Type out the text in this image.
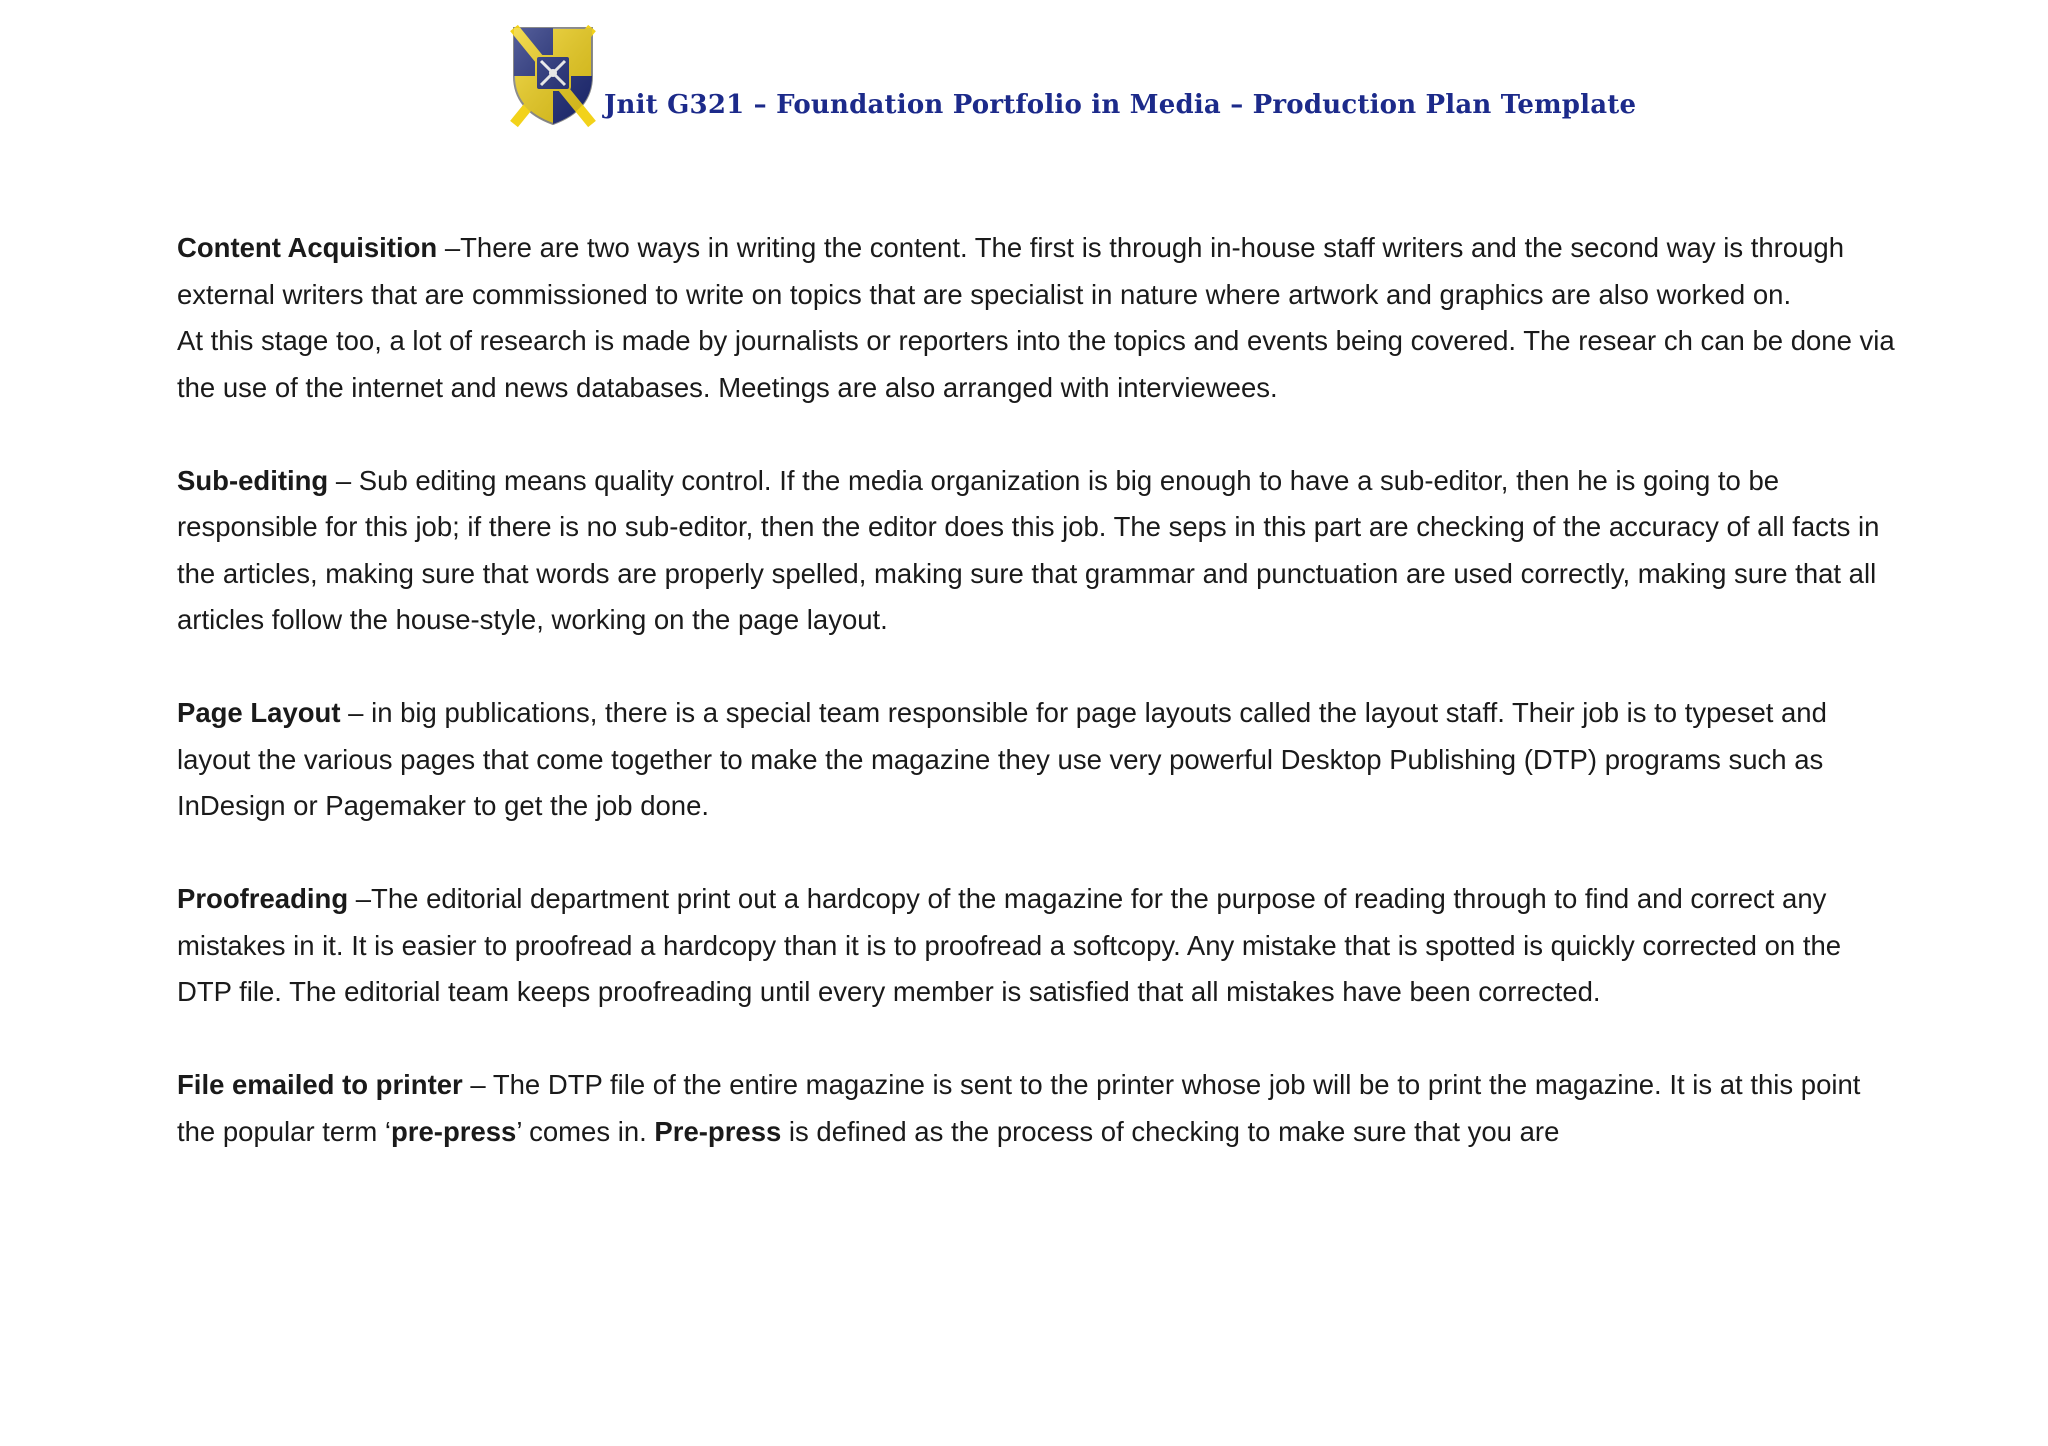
Jnit G321 – Foundation Portfolio in Media – Production Plan Template

Content Acquisition –There are two ways in writing the content. The first is through in-house staff writers and the second way is through external writers that are commissioned to write on topics that are specialist in nature where artwork and graphics are also worked on.

At this stage too, a lot of research is made by journalists or reporters into the topics and events being covered. The resear ch can be done via the use of the internet and news databases. Meetings are also arranged with interviewees.

Sub-editing – Sub editing means quality control. If the media organization is big enough to have a sub-editor, then he is going to be responsible for this job; if there is no sub-editor, then the editor does this job. The seps in this part are checking of the accuracy of all facts in the articles, making sure that words are properly spelled, making sure that grammar and punctuation are used correctly, making sure that all articles follow the house-style, working on the page layout.

Page Layout – in big publications, there is a special team responsible for page layouts called the layout staff. Their job is to typeset and layout the various pages that come together to make the magazine they use very powerful Desktop Publishing (DTP) programs such as InDesign or Pagemaker to get the job done.

Proofreading –The editorial department print out a hardcopy of the magazine for the purpose of reading through to find and correct any mistakes in it. It is easier to proofread a hardcopy than it is to proofread a softcopy. Any mistake that is spotted is quickly corrected on the DTP file. The editorial team keeps proofreading until every member is satisfied that all mistakes have been corrected.

File emailed to printer – The DTP file of the entire magazine is sent to the printer whose job will be to print the magazine. It is at this point the popular term ‘pre-press’ comes in. Pre-press is defined as the process of checking to make sure that you are
